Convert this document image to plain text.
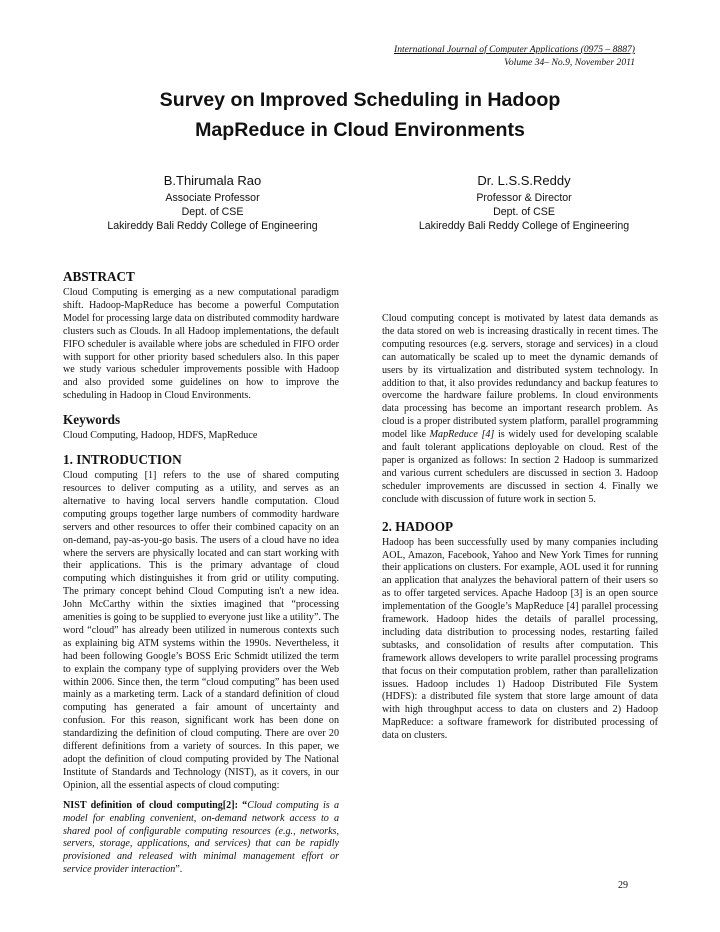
International Journal of Computer Applications (0975 – 8887)
Volume 34– No.9, November 2011
Survey on Improved Scheduling in Hadoop
MapReduce in Cloud Environments
B.Thirumala Rao
Associate Professor
Dept. of CSE
Lakireddy Bali Reddy College of Engineering
Dr. L.S.S.Reddy
Professor & Director
Dept. of CSE
Lakireddy Bali Reddy College of Engineering
ABSTRACT

Cloud Computing is emerging as a new computational paradigm shift. Hadoop-MapReduce has become a powerful Computation Model for processing large data on distributed commodity hardware clusters such as Clouds. In all Hadoop implementations, the default FIFO scheduler is available where jobs are scheduled in FIFO order with support for other priority based schedulers also. In this paper we study various scheduler improvements possible with Hadoop and also provided some guidelines on how to improve the scheduling in Hadoop in Cloud Environments.

Keywords

Cloud Computing, Hadoop, HDFS, MapReduce

1. INTRODUCTION

Cloud computing [1] refers to the use of shared computing resources to deliver computing as a utility, and serves as an alternative to having local servers handle computation. Cloud computing groups together large numbers of commodity hardware servers and other resources to offer their combined capacity on an on-demand, pay-as-you-go basis. The users of a cloud have no idea where the servers are physically located and can start working with their applications. This is the primary advantage of cloud computing which distinguishes it from grid or utility computing. The primary concept behind Cloud Computing isn't a new idea. John McCarthy within the sixties imagined that “processing amenities is going to be supplied to everyone just like a utility”. The word “cloud” has already been utilized in numerous contexts such as explaining big ATM systems within the 1990s. Nevertheless, it had been following Google’s BOSS Eric Schmidt utilized the term to explain the company type of supplying providers over the Web within 2006. Since then, the term “cloud computing” has been used mainly as a marketing term. Lack of a standard definition of cloud computing has generated a fair amount of uncertainty and confusion. For this reason, significant work has been done on standardizing the definition of cloud computing. There are over 20 different definitions from a variety of sources. In this paper, we adopt the definition of cloud computing provided by The National Institute of Standards and Technology (NIST), as it covers, in our Opinion, all the essential aspects of cloud computing:

NIST definition of cloud computing[2]: “Cloud computing is a model for enabling convenient, on-demand network access to a shared pool of configurable computing resources (e.g., networks, servers, storage, applications, and services) that can be rapidly provisioned and released with minimal management effort or service provider interaction”.

Cloud computing concept is motivated by latest data demands as the data stored on web is increasing drastically in recent times. The computing resources (e.g. servers, storage and services) in a cloud can automatically be scaled up to meet the dynamic demands of users by its virtualization and distributed system technology. In addition to that, it also provides redundancy and backup features to overcome the hardware failure problems. In cloud environments data processing has become an important research problem. As cloud is a proper distributed system platform, parallel programming model like MapReduce [4] is widely used for developing scalable and fault tolerant applications deployable on cloud. Rest of the paper is organized as follows: In section 2 Hadoop is summarized and various current schedulers are discussed in section 3. Hadoop scheduler improvements are discussed in section 4. Finally we conclude with discussion of future work in section 5.

2. HADOOP

Hadoop has been successfully used by many companies including AOL, Amazon, Facebook, Yahoo and New York Times for running their applications on clusters. For example, AOL used it for running an application that analyzes the behavioral pattern of their users so as to offer targeted services. Apache Hadoop [3] is an open source implementation of the Google’s MapReduce [4] parallel processing framework. Hadoop hides the details of parallel processing, including data distribution to processing nodes, restarting failed subtasks, and consolidation of results after computation. This framework allows developers to write parallel processing programs that focus on their computation problem, rather than parallelization issues. Hadoop includes 1) Hadoop Distributed File System (HDFS): a distributed file system that store large amount of data with high throughput access to data on clusters and 2) Hadoop MapReduce: a software framework for distributed processing of data on clusters.

29
